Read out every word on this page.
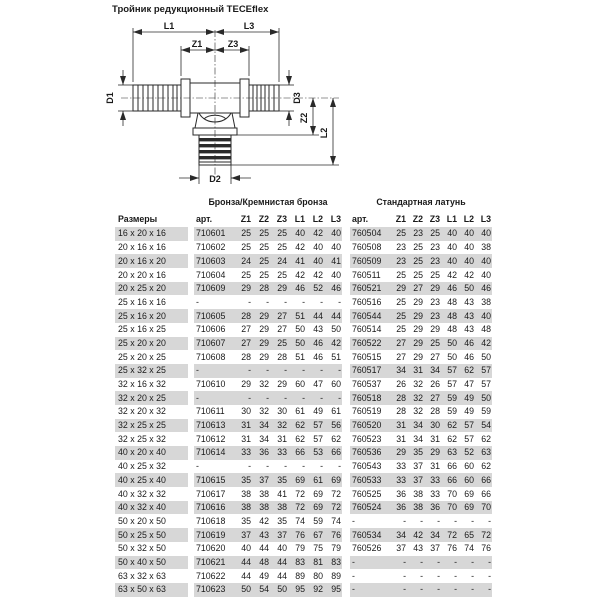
Тройник редукционный TECEflex
L1	L3
Z1	Z3
D1	D3
Z2
L2
D2
Бронза/Кремнистая бронза	Стандартная латунь
Размеры	арт.	Z1 Z2 Z3 L1 L2 L3 арт.	Z1 Z2 Z3 L1 L2 L3
16 x 20 x 16	710601	25 25 25 40 42 40 760504	25 23 25 40 40 40
20 x 16 x 16	710602	25 25 25 42 40 40 760508	23 25 23 40 40 38
20 x 16 x 20	710603	24 25 24 41 40 41 760509	23 25 23 40 40 40
20 x 20 x 16	710604	25 25 25 42 42 40 760511	25 25 25 42 42 40
20 x 25 x 20	710609	29 28 29 46 52 46 760521	29 27 29 46 50 46
25 x 16 x 16	-	-	-	-	-	-	- 760516	25 29 23 48 43 38
25 x 16 x 20	710605	28 29 27 51 44 44 760544	25 29 23 48 43 40
25 x 16 x 25	710606	27 29 27 50 43 50 760514	25 29 29 48 43 48
25 x 20 x 20	710607	27 29 25 50 46 42 760522	27 29 25 50 46 42
25 x 20 x 25	710608	28 29 28 51 46 51 760515	27 29 27 50 46 50
25 x 32 x 25	-	-	-	-	-	-	- 760517	34 31 34 57 62 57
32 x 16 x 32	710610	29 32 29 60 47 60 760537	26 32 26 57 47 57
32 x 20 x 25	-	-	-	-	-	-	- 760518	28 32 27 59 49 50
32 x 20 x 32	710611	30 32 30 61 49 61 760519	28 32 28 59 49 59
32 x 25 x 25	710613	31 34 32 62 57 56 760520	31 34 30 62 57 54
32 x 25 x 32	710612	31 34 31 62 57 62 760523	31 34 31 62 57 62
40 x 20 x 40	710614	33 36 33 66 53 66 760536	29 35 29 63 52 63
40 x 25 x 32	-	-	-	-	-	-	- 760543	33 37 31 66 60 62
40 x 25 x 40	710615	35 37 35 69 61 69 760533	33 37 33 66 60 66
40 x 32 x 32	710617	38 38 41 72 69 72 760525	36 38 33 70 69 66
40 x 32 x 40	710616	38 38 38 72 69 72 760524	36 38 36 70 69 70
50 x 20 x 50	710618	35 42 35 74 59 74 -	-	-	-	-	-	-
50 x 25 x 50	710619	37 43 37 76 67 76 760534	34 42 34 72 65 72
50 x 32 x 50	710620	40 44 40 79 75 79 760526	37 43 37 76 74 76
50 x 40 x 50	710621	44 48 44 83 81 83 -	-	-	-	-	-	-
63 x 32 x 63	710622	44 49 44 89 80 89 -	-	-	-	-	-	-
63 x 50 x 63	710623	50 54 50 95 92 95 -	-	-	-	-	-	-
